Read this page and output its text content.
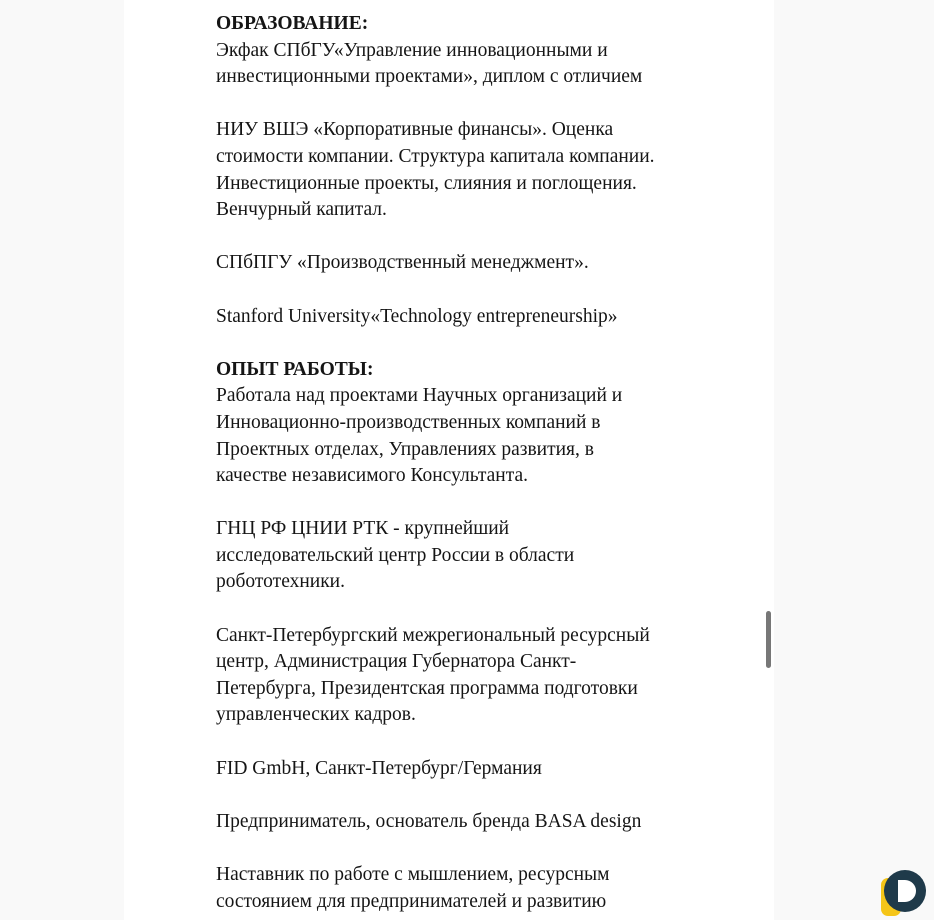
ОБРАЗОВАНИЕ:

Экфак СПбГУ«Управление инновационными и
инвестиционными проектами», диплом с отличием

НИУ ВШЭ «Корпоративные финансы». Оценка
стоимости компании. Структура капитала компании.
Инвестиционные проекты, слияния и поглощения.
Венчурный капитал.

СПбПГУ «Производственный менеджмент».

Stanford University«Technology entrepreneurship»

ОПЫТ РАБОТЫ:

Работала над проектами Научных организаций и
Инновационно-производственных компаний в
Проектных отделах, Управлениях развития, в
качестве независимого Консультанта.

ГНЦ РФ ЦНИИ РТК - крупнейший
исследовательский центр России в области
робототехники.

Санкт-Петербургский межрегиональный ресурсный
центр, Администрация Губернатора Санкт-
Петербурга, Президентская программа подготовки
управленческих кадров.

FID GmbH, Санкт-Петербург/Германия

Предприниматель, основатель бренда BASA design

Наставник по работе с мышлением, ресурсным
состоянием для предпринимателей и развитию
